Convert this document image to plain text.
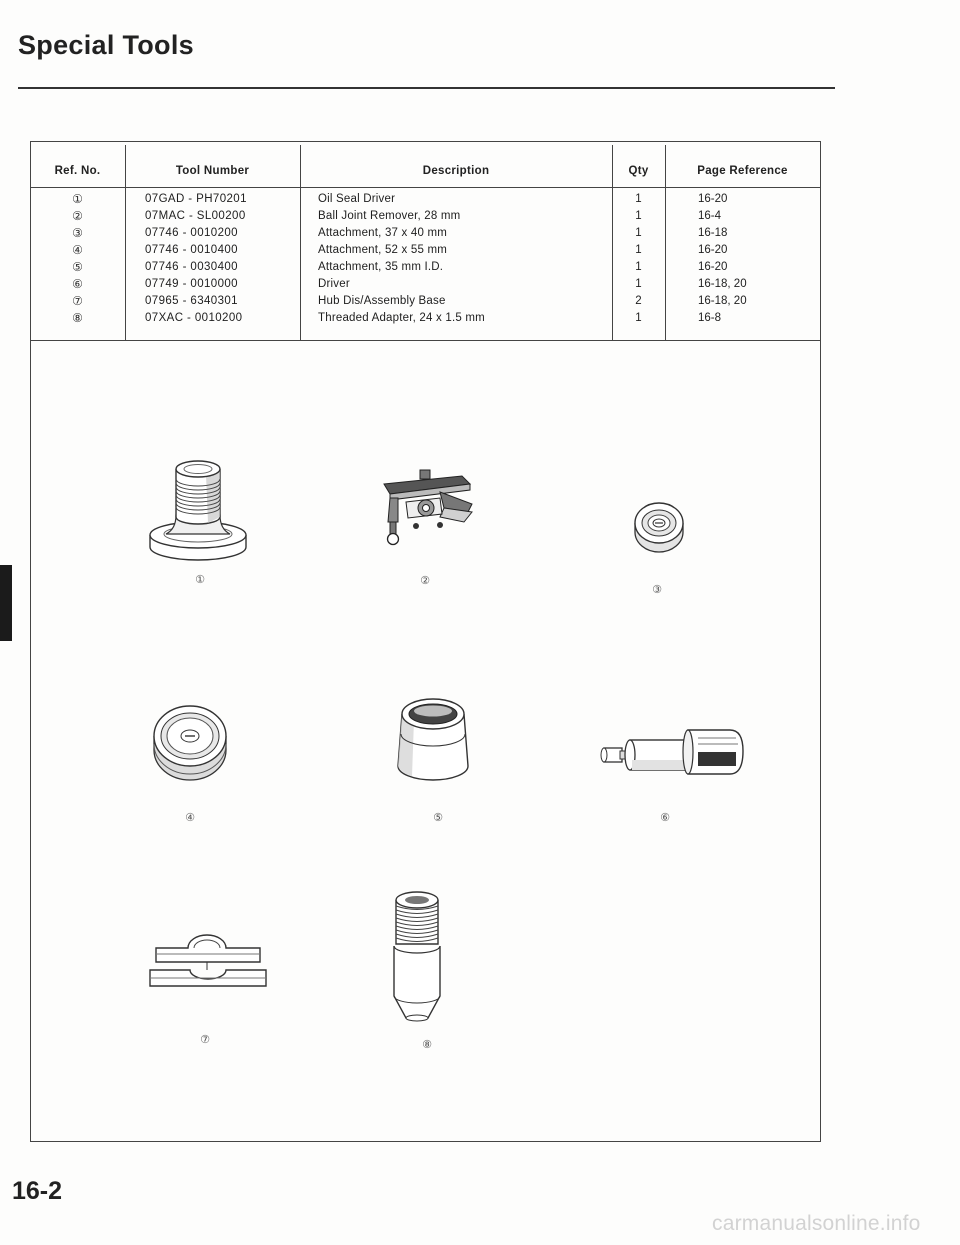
Special Tools
Ref. No.	Tool Number	Description	Qty	Page Reference
①	07GAD - PH70201	Oil Seal Driver	1	16-20
②	07MAC - SL00200	Ball Joint Remover, 28 mm	1	16-4
③	07746 - 0010200	Attachment, 37 x 40 mm	1	16-18
④	07746 - 0010400	Attachment, 52 x 55 mm	1	16-20
⑤	07746 - 0030400	Attachment, 35 mm I.D.	1	16-20
⑥	07749 - 0010000	Driver	1	16-18, 20
⑦	07965 - 6340301	Hub Dis/Assembly Base	2	16-18, 20
⑧	07XAC - 0010200	Threaded Adapter, 24 x 1.5 mm	1	16-8
①	②
③
④	⑤	⑥
⑦	⑧
16-2
carmanualsonline.info
